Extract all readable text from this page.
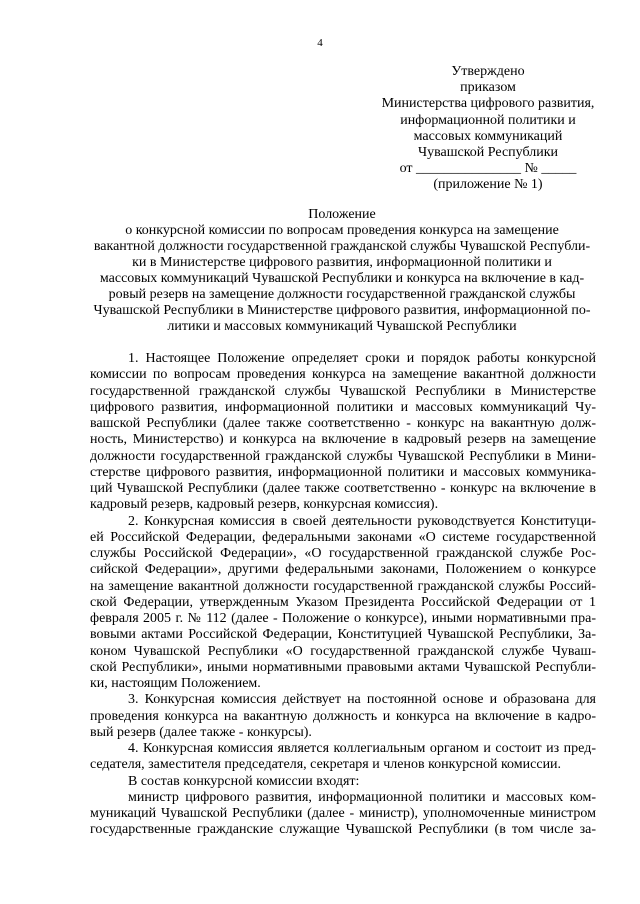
4
Утверждено
приказом
Министерства цифрового развития,
информационной политики и
массовых коммуникаций
Чувашской Республики
от _______________ № _____
(приложение № 1)
Положение
о конкурсной комиссии по вопросам проведения конкурса на замещение
вакантной должности государственной гражданской службы Чувашской Республи-
ки в Министерстве цифрового развития, информационной политики и
массовых коммуникаций Чувашской Республики и конкурса на включение в кад-
ровый резерв на замещение должности государственной гражданской службы
Чувашской Республики в Министерстве цифрового развития, информационной по-
литики и массовых коммуникаций Чувашской Республики
1. Настоящее Положение определяет сроки и порядок работы конкурсной
комиссии по вопросам проведения конкурса на замещение вакантной должности
государственной гражданской службы Чувашской Республики в Министерстве
цифрового развития, информационной политики и массовых коммуникаций Чу-
вашской Республики (далее также соответственно - конкурс на вакантную долж-
ность, Министерство) и конкурса на включение в кадровый резерв на замещение
должности государственной гражданской службы Чувашской Республики в Мини-
стерстве цифрового развития, информационной политики и массовых коммуника-
ций Чувашской Республики (далее также соответственно - конкурс на включение в
кадровый резерв, кадровый резерв, конкурсная комиссия).
2. Конкурсная комиссия в своей деятельности руководствуется Конституци-
ей Российской Федерации, федеральными законами «О системе государственной
службы Российской Федерации», «О государственной гражданской службе Рос-
сийской Федерации», другими федеральными законами, Положением о конкурсе
на замещение вакантной должности государственной гражданской службы Россий-
ской Федерации, утвержденным Указом Президента Российской Федерации от 1
февраля 2005 г. № 112 (далее - Положение о конкурсе), иными нормативными пра-
вовыми актами Российской Федерации, Конституцией Чувашской Республики, За-
коном Чувашской Республики «О государственной гражданской службе Чуваш-
ской Республики», иными нормативными правовыми актами Чувашской Республи-
ки, настоящим Положением.
3. Конкурсная комиссия действует на постоянной основе и образована для
проведения конкурса на вакантную должность и конкурса на включение в кадро-
вый резерв (далее также - конкурсы).
4. Конкурсная комиссия является коллегиальным органом и состоит из пред-
седателя, заместителя председателя, секретаря и членов конкурсной комиссии.
В состав конкурсной комиссии входят:
министр цифрового развития, информационной политики и массовых ком-
муникаций Чувашской Республики (далее - министр), уполномоченные министром
государственные гражданские служащие Чувашской Республики (в том числе за-
